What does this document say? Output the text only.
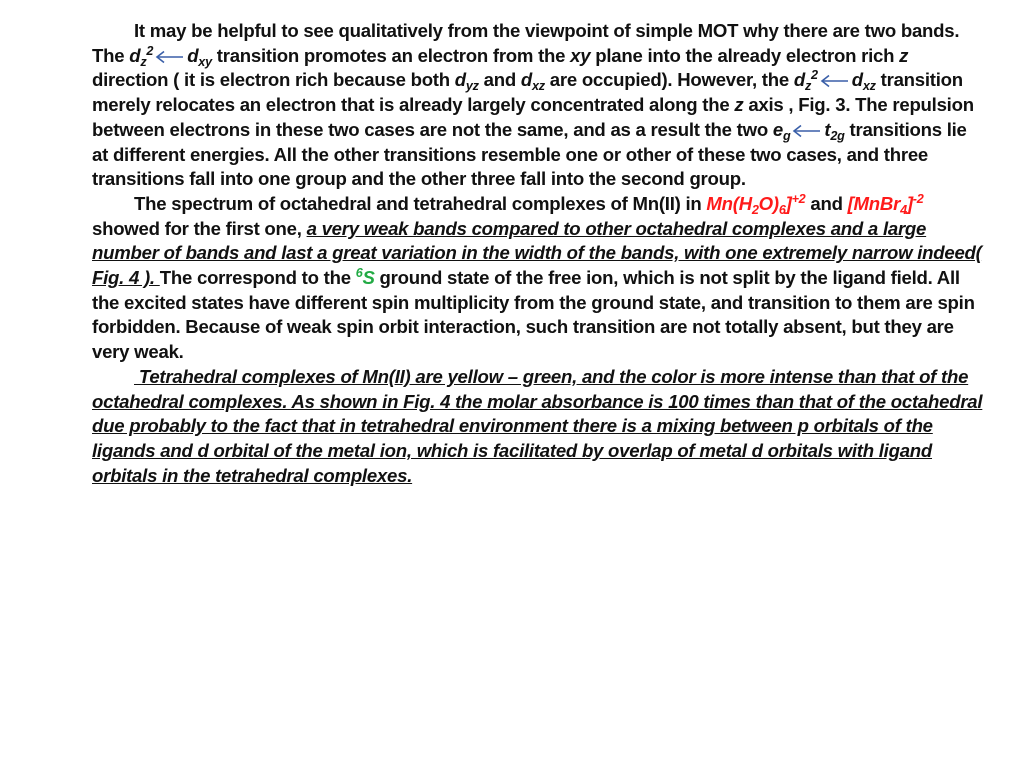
It may be helpful to see qualitatively from the viewpoint of simple MOT why there are two bands. The $d_z^2$ $d_{xy}$ transition promotes an electron from the xy plane into the already electron rich z direction ( it is electron rich because both $d_{yz}$ and $d_{xz}$ are occupied). However, the $d_z^2$ $d_{xz}$ transition merely relocates an electron that is already largely concentrated along the z axis , Fig. 3. The repulsion between electrons in these two cases are not the same, and as a result the two $e_g$ $t_{2g}$ transitions lie at different energies. All the other transitions resemble one or other of these two cases, and three transitions fall into one group and the other three fall into the second group.

The spectrum of octahedral and tetrahedral complexes of Mn(II) in $Mn(H_2O)_6]^{+2}$ and [MnBr$_4$]$^{-2}$ showed for the first one, a very weak bands compared to other octahedral complexes and a large number of bands and last a great variation in the width of the bands, with one extremely narrow indeed( Fig. 4 ). The correspond to the $^6$S ground state of the free ion, which is not split by the ligand field. All the excited states have different spin multiplicity from the ground state, and transition to them are spin forbidden. Because of weak spin orbit interaction, such transition are not totally absent, but they are very weak.

Tetrahedral complexes of Mn(II) are yellow – green, and the color is more intense than that of the octahedral complexes. As shown in Fig. 4 the molar absorbance is 100 times than that of the octahedral due probably to the fact that in tetrahedral environment there is a mixing between p orbitals of the ligands and d orbital of the metal ion, which is facilitated by overlap of metal d orbitals with ligand orbitals in the tetrahedral complexes.
